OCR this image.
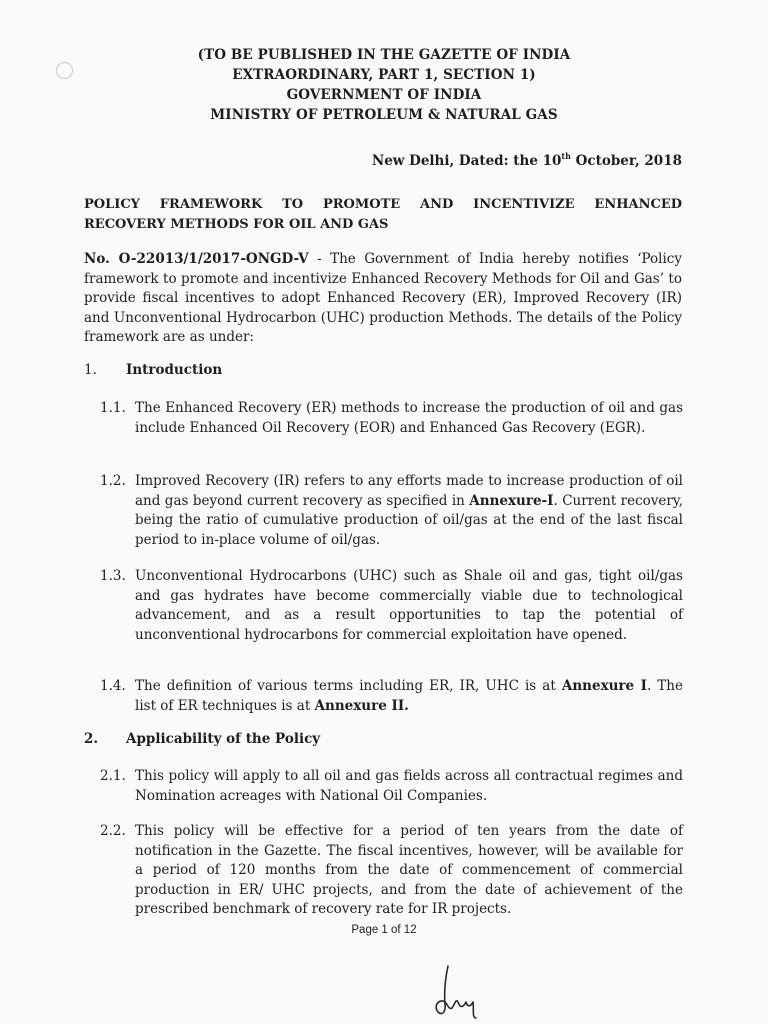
(TO BE PUBLISHED IN THE GAZETTE OF INDIA
EXTRAORDINARY, PART 1, SECTION 1)
GOVERNMENT OF INDIA
MINISTRY OF PETROLEUM & NATURAL GAS
New Delhi, Dated: the 10th October, 2018
POLICY FRAMEWORK TO PROMOTE AND INCENTIVIZE ENHANCED
RECOVERY METHODS FOR OIL AND GAS
No. O-22013/1/2017-ONGD-V - The Government of India hereby notifies ‘Policy framework to promote and incentivize Enhanced Recovery Methods for Oil and Gas’ to provide fiscal incentives to adopt Enhanced Recovery (ER), Improved Recovery (IR) and Unconventional Hydrocarbon (UHC) production Methods. The details of the Policy framework are as under:
1. Introduction
1.1. The Enhanced Recovery (ER) methods to increase the production of oil and gas include Enhanced Oil Recovery (EOR) and Enhanced Gas Recovery (EGR).
1.2. Improved Recovery (IR) refers to any efforts made to increase production of oil and gas beyond current recovery as specified in Annexure-I. Current recovery, being the ratio of cumulative production of oil/gas at the end of the last fiscal period to in-place volume of oil/gas.
1.3. Unconventional Hydrocarbons (UHC) such as Shale oil and gas, tight oil/gas and gas hydrates have become commercially viable due to technological advancement, and as a result opportunities to tap the potential of unconventional hydrocarbons for commercial exploitation have opened.
1.4. The definition of various terms including ER, IR, UHC is at Annexure I. The list of ER techniques is at Annexure II.
2. Applicability of the Policy
2.1. This policy will apply to all oil and gas fields across all contractual regimes and Nomination acreages with National Oil Companies.
2.2. This policy will be effective for a period of ten years from the date of notification in the Gazette. The fiscal incentives, however, will be available for a period of 120 months from the date of commencement of commercial production in ER/ UHC projects, and from the date of achievement of the prescribed benchmark of recovery rate for IR projects.
Page 1 of 12
